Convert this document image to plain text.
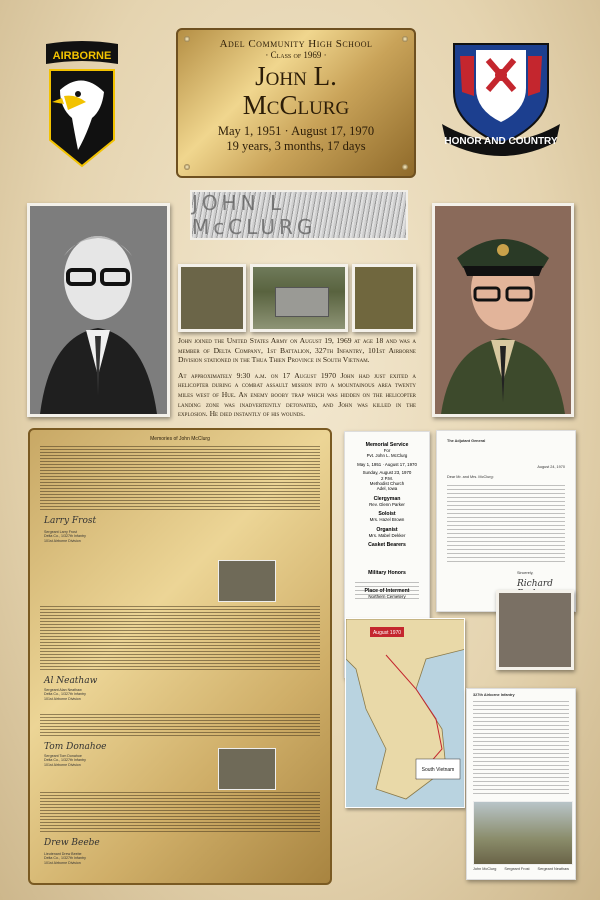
AIRBORNE
Adel Community High School
· Class of 1969 ·
John L.
McClurg
May 1, 1951 · August 17, 1970
19 years, 3 months, 17 days	HONOR AND COUNTRY
JOHN L McCLURG

John joined the United States Army on August 19, 1969 at age 18 and was a member of Delta Company, 1st Battalion, 327th Infantry, 101st Airborne Division stationed in the Thua Thien Province in South Vietnam.

At approximately 9:30 a.m. on 17 August 1970 John had just exited a helicopter during a combat assault mission into a mountainous area twenty miles west of Hue. An enemy booby trap which was hidden on the helicopter landing zone was inadvertently detonated, and John was killed in the explosion. He died instantly of his wounds.

Memories of John McClurg
Larry Frost
Sergeant Larry Frost
Delta Co., 1/327th Infantry
101st Airborne Division
Al Neathaw
Sergeant Alan Neathaw
Delta Co., 1/327th Infantry
101st Airborne Division
Tom Donahoe
Sergeant Tom Donahoe
Delta Co., 1/327th Infantry
101st Airborne Division
Drew Beebe
Lieutenant Drew Beebe
Delta Co., 1/327th Infantry
101st Airborne Division
Memorial Service
For
Pvt. John L. McClurg
May 1, 1951 · August 17, 1970
Sunday, August 23, 1970
2 P.M.
Methodist Church
Adel, Iowa
Clergyman
Rev. Glenn Parker
Soloist
Mrs. Hazel Brown
Organist
Mrs. Mabel Dekker
Casket Bearers
Military Honors
Place of Interment
Northern Cemetery
The Adjutant General
August 24, 1970
Dear Mr. and Mrs. McClurg:
Sincerely,
Richard
August 1970
South Vietnam
327th Airborne Infantry
John McClurg Sergeant Frost Sergeant Neathaw
